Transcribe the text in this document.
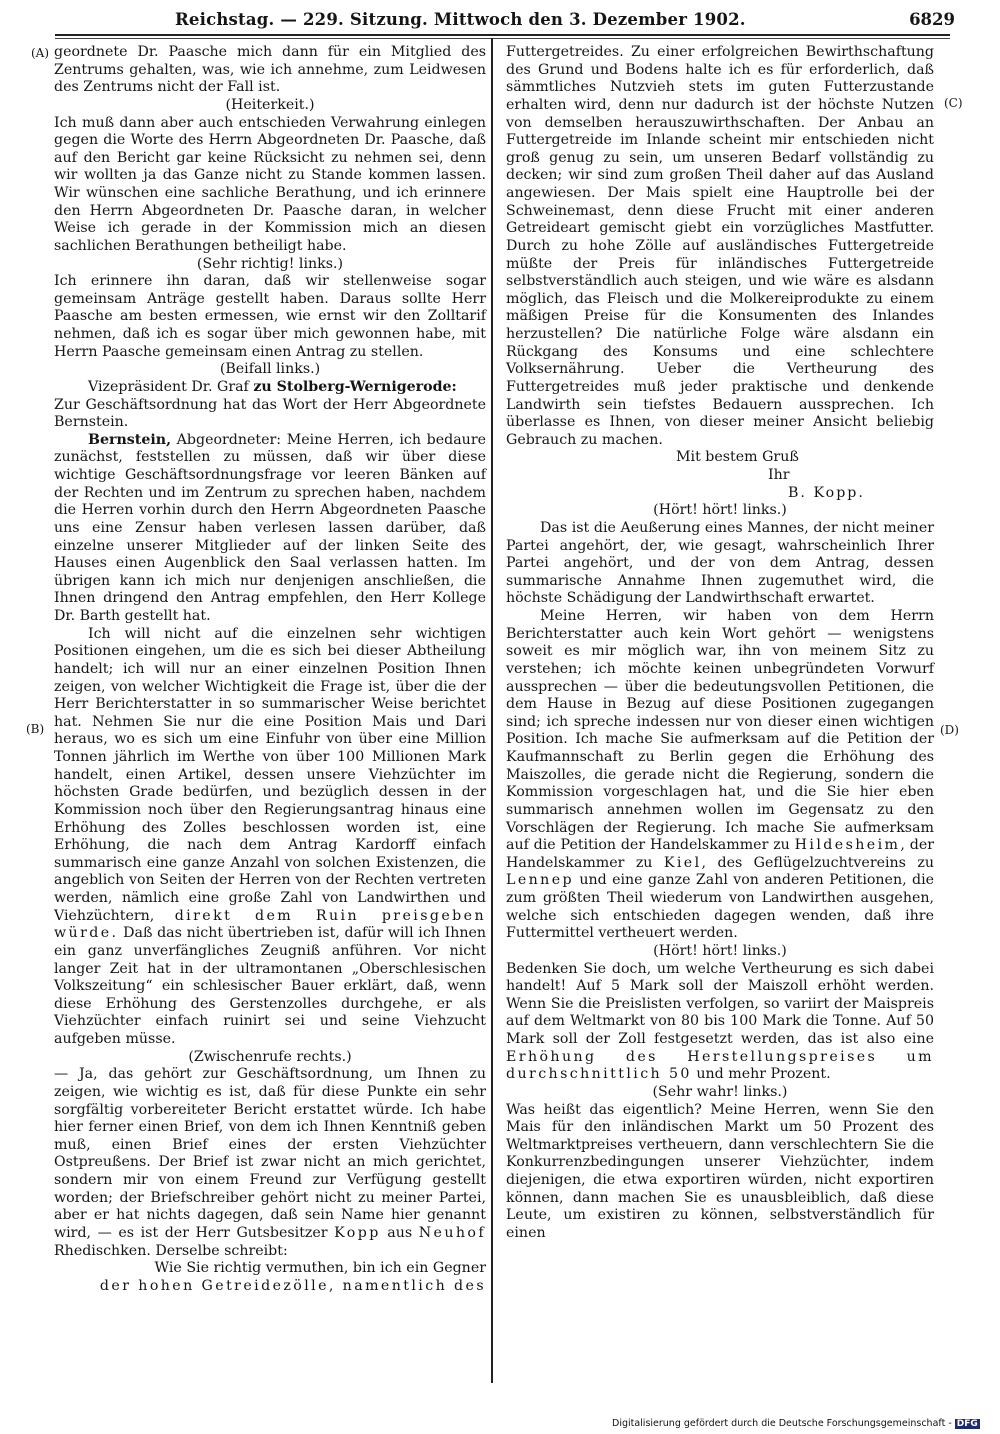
Reichstag. — 229. Sitzung. Mittwoch den 3. Dezember 1902.	6829
(A)
(B)
(C)
(D)

geordnete Dr. Paasche mich dann für ein Mitglied des Zentrums gehalten, was, wie ich annehme, zum Leidwesen des Zentrums nicht der Fall ist.

(Heiterkeit.)

Ich muß dann aber auch entschieden Verwahrung einlegen gegen die Worte des Herrn Abgeordneten Dr. Paasche, daß auf den Bericht gar keine Rücksicht zu nehmen sei, denn wir wollten ja das Ganze nicht zu Stande kommen lassen. Wir wünschen eine sachliche Berathung, und ich erinnere den Herrn Abgeordneten Dr. Paasche daran, in welcher Weise ich gerade in der Kommission mich an diesen sachlichen Berathungen betheiligt habe.

(Sehr richtig! links.)

Ich erinnere ihn daran, daß wir stellenweise sogar gemeinsam Anträge gestellt haben. Daraus sollte Herr Paasche am besten ermessen, wie ernst wir den Zolltarif nehmen, daß ich es sogar über mich gewonnen habe, mit Herrn Paasche gemeinsam einen Antrag zu stellen.

(Beifall links.)

Vizepräsident Dr. Graf zu Stolberg-Wernigerode:

Zur Geschäftsordnung hat das Wort der Herr Abgeordnete Bernstein.

Bernstein, Abgeordneter: Meine Herren, ich bedaure zunächst, feststellen zu müssen, daß wir über diese wichtige Geschäftsordnungsfrage vor leeren Bänken auf der Rechten und im Zentrum zu sprechen haben, nachdem die Herren vorhin durch den Herrn Abgeordneten Paasche uns eine Zensur haben verlesen lassen darüber, daß einzelne unserer Mitglieder auf der linken Seite des Hauses einen Augenblick den Saal verlassen hatten. Im übrigen kann ich mich nur denjenigen anschließen, die Ihnen dringend den Antrag empfehlen, den Herr Kollege Dr. Barth gestellt hat.

Ich will nicht auf die einzelnen sehr wichtigen Positionen eingehen, um die es sich bei dieser Abtheilung handelt; ich will nur an einer einzelnen Position Ihnen zeigen, von welcher Wichtigkeit die Frage ist, über die der Herr Berichterstatter in so summarischer Weise berichtet hat. Nehmen Sie nur die eine Position Mais und Dari heraus, wo es sich um eine Einfuhr von über eine Million Tonnen jährlich im Werthe von über 100 Millionen Mark handelt, einen Artikel, dessen unsere Viehzüchter im höchsten Grade bedürfen, und bezüglich dessen in der Kommission noch über den Regierungsantrag hinaus eine Erhöhung des Zolles beschlossen worden ist, eine Erhöhung, die nach dem Antrag Kardorff einfach summarisch eine ganze Anzahl von solchen Existenzen, die angeblich von Seiten der Herren von der Rechten vertreten werden, nämlich eine große Zahl von Landwirthen und Viehzüchtern, direkt dem Ruin preisgeben würde. Daß das nicht übertrieben ist, dafür will ich Ihnen ein ganz unverfängliches Zeugniß anführen. Vor nicht langer Zeit hat in der ultramontanen „Oberschlesischen Volkszeitung“ ein schlesischer Bauer erklärt, daß, wenn diese Erhöhung des Gerstenzolles durchgehe, er als Viehzüchter einfach ruinirt sei und seine Viehzucht aufgeben müsse.

(Zwischenrufe rechts.)

— Ja, das gehört zur Geschäftsordnung, um Ihnen zu zeigen, wie wichtig es ist, daß für diese Punkte ein sehr sorgfältig vorbereiteter Bericht erstattet würde. Ich habe hier ferner einen Brief, von dem ich Ihnen Kenntniß geben muß, einen Brief eines der ersten Viehzüchter Ostpreußens. Der Brief ist zwar nicht an mich gerichtet, sondern mir von einem Freund zur Verfügung gestellt worden; der Briefschreiber gehört nicht zu meiner Partei, aber er hat nichts dagegen, daß sein Name hier genannt wird, — es ist der Herr Gutsbesitzer Kopp aus Neuhof Rhedischken. Derselbe schreibt:

Wie Sie richtig vermuthen, bin ich ein Gegner

der hohen Getreidezölle, namentlich des

Futtergetreides. Zu einer erfolgreichen Bewirthschaftung des Grund und Bodens halte ich es für erforderlich, daß sämmtliches Nutzvieh stets im guten Futterzustande erhalten wird, denn nur dadurch ist der höchste Nutzen von demselben herauszuwirthschaften. Der Anbau an Futtergetreide im Inlande scheint mir entschieden nicht groß genug zu sein, um unseren Bedarf vollständig zu decken; wir sind zum großen Theil daher auf das Ausland angewiesen. Der Mais spielt eine Hauptrolle bei der Schweinemast, denn diese Frucht mit einer anderen Getreideart gemischt giebt ein vorzügliches Mastfutter. Durch zu hohe Zölle auf ausländisches Futtergetreide müßte der Preis für inländisches Futtergetreide selbstverständlich auch steigen, und wie wäre es alsdann möglich, das Fleisch und die Molkereiprodukte zu einem mäßigen Preise für die Konsumenten des Inlandes herzustellen? Die natürliche Folge wäre alsdann ein Rückgang des Konsums und eine schlechtere Volksernährung. Ueber die Vertheurung des Futtergetreides muß jeder praktische und denkende Landwirth sein tiefstes Bedauern aussprechen. Ich überlasse es Ihnen, von dieser meiner Ansicht beliebig Gebrauch zu machen.

Mit bestem Gruß

Ihr

B. Kopp.

(Hört! hört! links.)

Das ist die Aeußerung eines Mannes, der nicht meiner Partei angehört, der, wie gesagt, wahrscheinlich Ihrer Partei angehört, und der von dem Antrag, dessen summarische Annahme Ihnen zugemuthet wird, die höchste Schädigung der Landwirthschaft erwartet.

Meine Herren, wir haben von dem Herrn Berichterstatter auch kein Wort gehört — wenigstens soweit es mir möglich war, ihn von meinem Sitz zu verstehen; ich möchte keinen unbegründeten Vorwurf aussprechen — über die bedeutungsvollen Petitionen, die dem Hause in Bezug auf diese Positionen zugegangen sind; ich spreche indessen nur von dieser einen wichtigen Position. Ich mache Sie aufmerksam auf die Petition der Kaufmannschaft zu Berlin gegen die Erhöhung des Maiszolles, die gerade nicht die Regierung, sondern die Kommission vorgeschlagen hat, und die Sie hier eben summarisch annehmen wollen im Gegensatz zu den Vorschlägen der Regierung. Ich mache Sie aufmerksam auf die Petition der Handelskammer zu Hildesheim, der Handelskammer zu Kiel, des Geflügelzuchtvereins zu Lennep und eine ganze Zahl von anderen Petitionen, die zum größten Theil wiederum von Landwirthen ausgehen, welche sich entschieden dagegen wenden, daß ihre Futtermittel vertheuert werden.

(Hört! hört! links.)

Bedenken Sie doch, um welche Vertheurung es sich dabei handelt! Auf 5 Mark soll der Maiszoll erhöht werden. Wenn Sie die Preislisten verfolgen, so variirt der Maispreis auf dem Weltmarkt von 80 bis 100 Mark die Tonne. Auf 50 Mark soll der Zoll festgesetzt werden, das ist also eine Erhöhung des Herstellungspreises um durchschnittlich 50 und mehr Prozent.

(Sehr wahr! links.)

Was heißt das eigentlich? Meine Herren, wenn Sie den Mais für den inländischen Markt um 50 Prozent des Weltmarktpreises vertheuern, dann verschlechtern Sie die Konkurrenzbedingungen unserer Viehzüchter, indem diejenigen, die etwa exportiren würden, nicht exportiren können, dann machen Sie es unausbleiblich, daß diese Leute, um existiren zu können, selbstverständlich für einen

Digitalisierung gefördert durch die Deutsche Forschungsgemeinschaft - DFG
